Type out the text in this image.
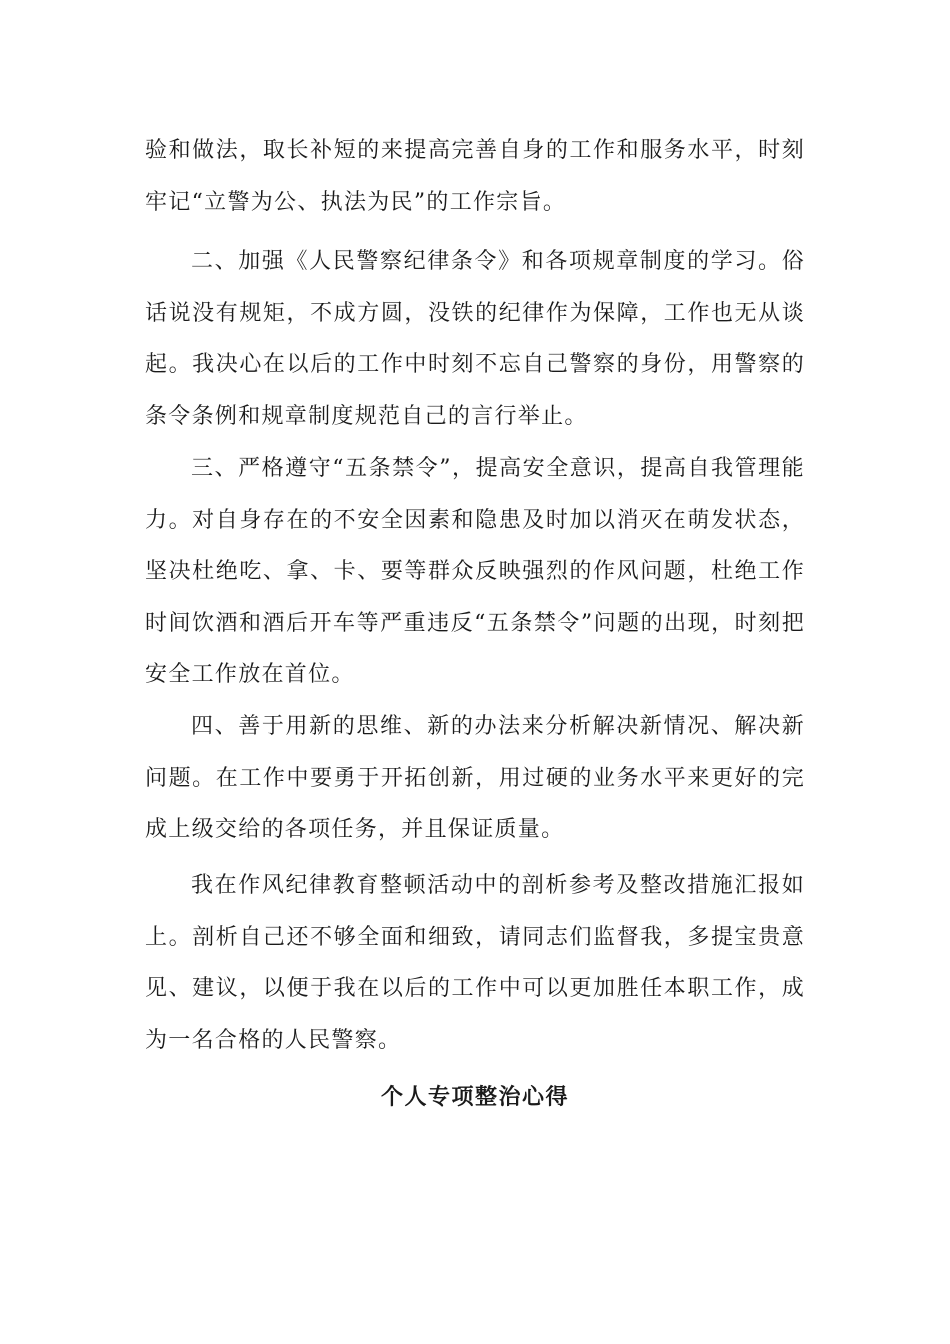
验和做法，取长补短的来提高完善自身的工作和服务水平，时刻牢记“立警为公、执法为民”的工作宗旨。

二、加强《人民警察纪律条令》和各项规章制度的学习。俗话说没有规矩，不成方圆，没铁的纪律作为保障，工作也无从谈起。我决心在以后的工作中时刻不忘自己警察的身份，用警察的条令条例和规章制度规范自己的言行举止。

三、严格遵守“五条禁令”，提高安全意识，提高自我管理能力。对自身存在的不安全因素和隐患及时加以消灭在萌发状态，坚决杜绝吃、拿、卡、要等群众反映强烈的作风问题，杜绝工作时间饮酒和酒后开车等严重违反“五条禁令”问题的出现，时刻把安全工作放在首位。

四、善于用新的思维、新的办法来分析解决新情况、解决新问题。在工作中要勇于开拓创新，用过硬的业务水平来更好的完成上级交给的各项任务，并且保证质量。

我在作风纪律教育整顿活动中的剖析参考及整改措施汇报如上。剖析自己还不够全面和细致，请同志们监督我，多提宝贵意见、建议，以便于我在以后的工作中可以更加胜任本职工作，成为一名合格的人民警察。

个人专项整治心得
